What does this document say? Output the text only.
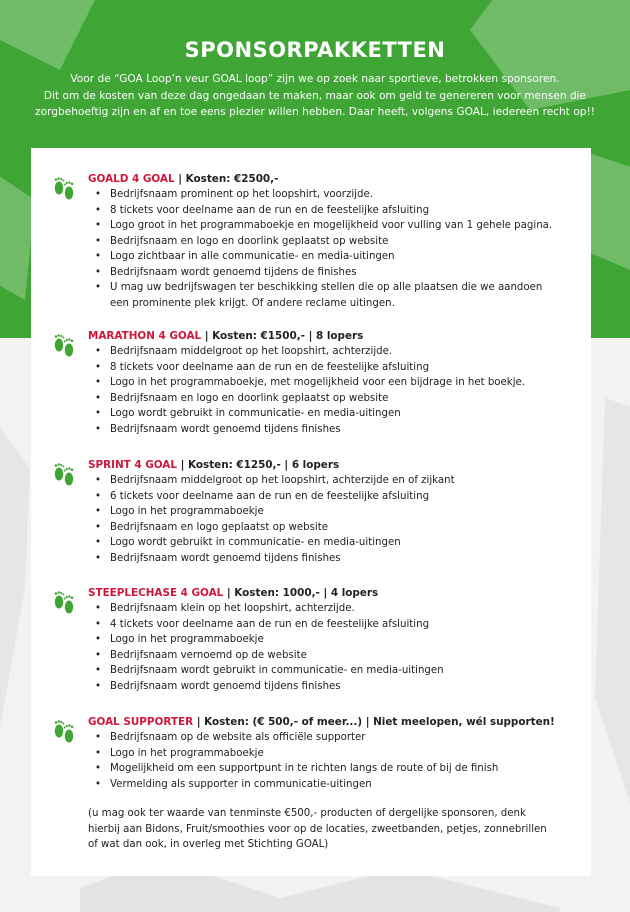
SPONSORPAKKETTEN

Voor de “GOA Loop’n veur GOAL loop” zijn we op zoek naar sportieve, betrokken sponsoren.
Dit om de kosten van deze dag ongedaan te maken, maar ook om geld te genereren voor mensen die
zorgbehoeftig zijn en af en toe eens plezier willen hebben. Daar heeft, volgens GOAL, iedereen recht op!!

GOALD 4 GOAL | Kosten: €2500,-
• Bedrijfsnaam prominent op het loopshirt, voorzijde.
• 8 tickets voor deelname aan de run en de feestelijke afsluiting
• Logo groot in het programmaboekje en mogelijkheid voor vulling van 1 gehele pagina.
• Bedrijfsnaam en logo en doorlink geplaatst op website
• Logo zichtbaar in alle communicatie- en media-uitingen
• Bedrijfsnaam wordt genoemd tijdens de finishes
• U mag uw bedrijfswagen ter beschikking stellen die op alle plaatsen die we aandoen
een prominente plek krijgt. Of andere reclame uitingen.
MARATHON 4 GOAL | Kosten: €1500,- | 8 lopers
• Bedrijfsnaam middelgroot op het loopshirt, achterzijde.
• 8 tickets voor deelname aan de run en de feestelijke afsluiting
• Logo in het programmaboekje, met mogelijkheid voor een bijdrage in het boekje.
• Bedrijfsnaam en logo en doorlink geplaatst op website
• Logo wordt gebruikt in communicatie- en media-uitingen
• Bedrijfsnaam wordt genoemd tijdens finishes
SPRINT 4 GOAL | Kosten: €1250,- | 6 lopers
• Bedrijfsnaam middelgroot op het loopshirt, achterzijde en of zijkant
• 6 tickets voor deelname aan de run en de feestelijke afsluiting
• Logo in het programmaboekje
• Bedrijfsnaam en logo geplaatst op website
• Logo wordt gebruikt in communicatie- en media-uitingen
• Bedrijfsnaam wordt genoemd tijdens finishes
STEEPLECHASE 4 GOAL | Kosten: 1000,- | 4 lopers
• Bedrijfsnaam klein op het loopshirt, achterzijde.
• 4 tickets voor deelname aan de run en de feestelijke afsluiting
• Logo in het programmaboekje
• Bedrijfsnaam vernoemd op de website
• Bedrijfsnaam wordt gebruikt in communicatie- en media-uitingen
• Bedrijfsnaam wordt genoemd tijdens finishes
GOAL SUPPORTER | Kosten: (€ 500,- of meer...) | Niet meelopen, wél supporten!
• Bedrijfsnaam op de website als officiële supporter
• Logo in het programmaboekje
• Mogelijkheid om een supportpunt in te richten langs de route of bij de finish
• Vermelding als supporter in communicatie-uitingen

(u mag ook ter waarde van tenminste €500,- producten of dergelijke sponsoren, denk
hierbij aan Bidons, Fruit/smoothies voor op de locaties, zweetbanden, petjes, zonnebrillen
of wat dan ook, in overleg met Stichting GOAL)
